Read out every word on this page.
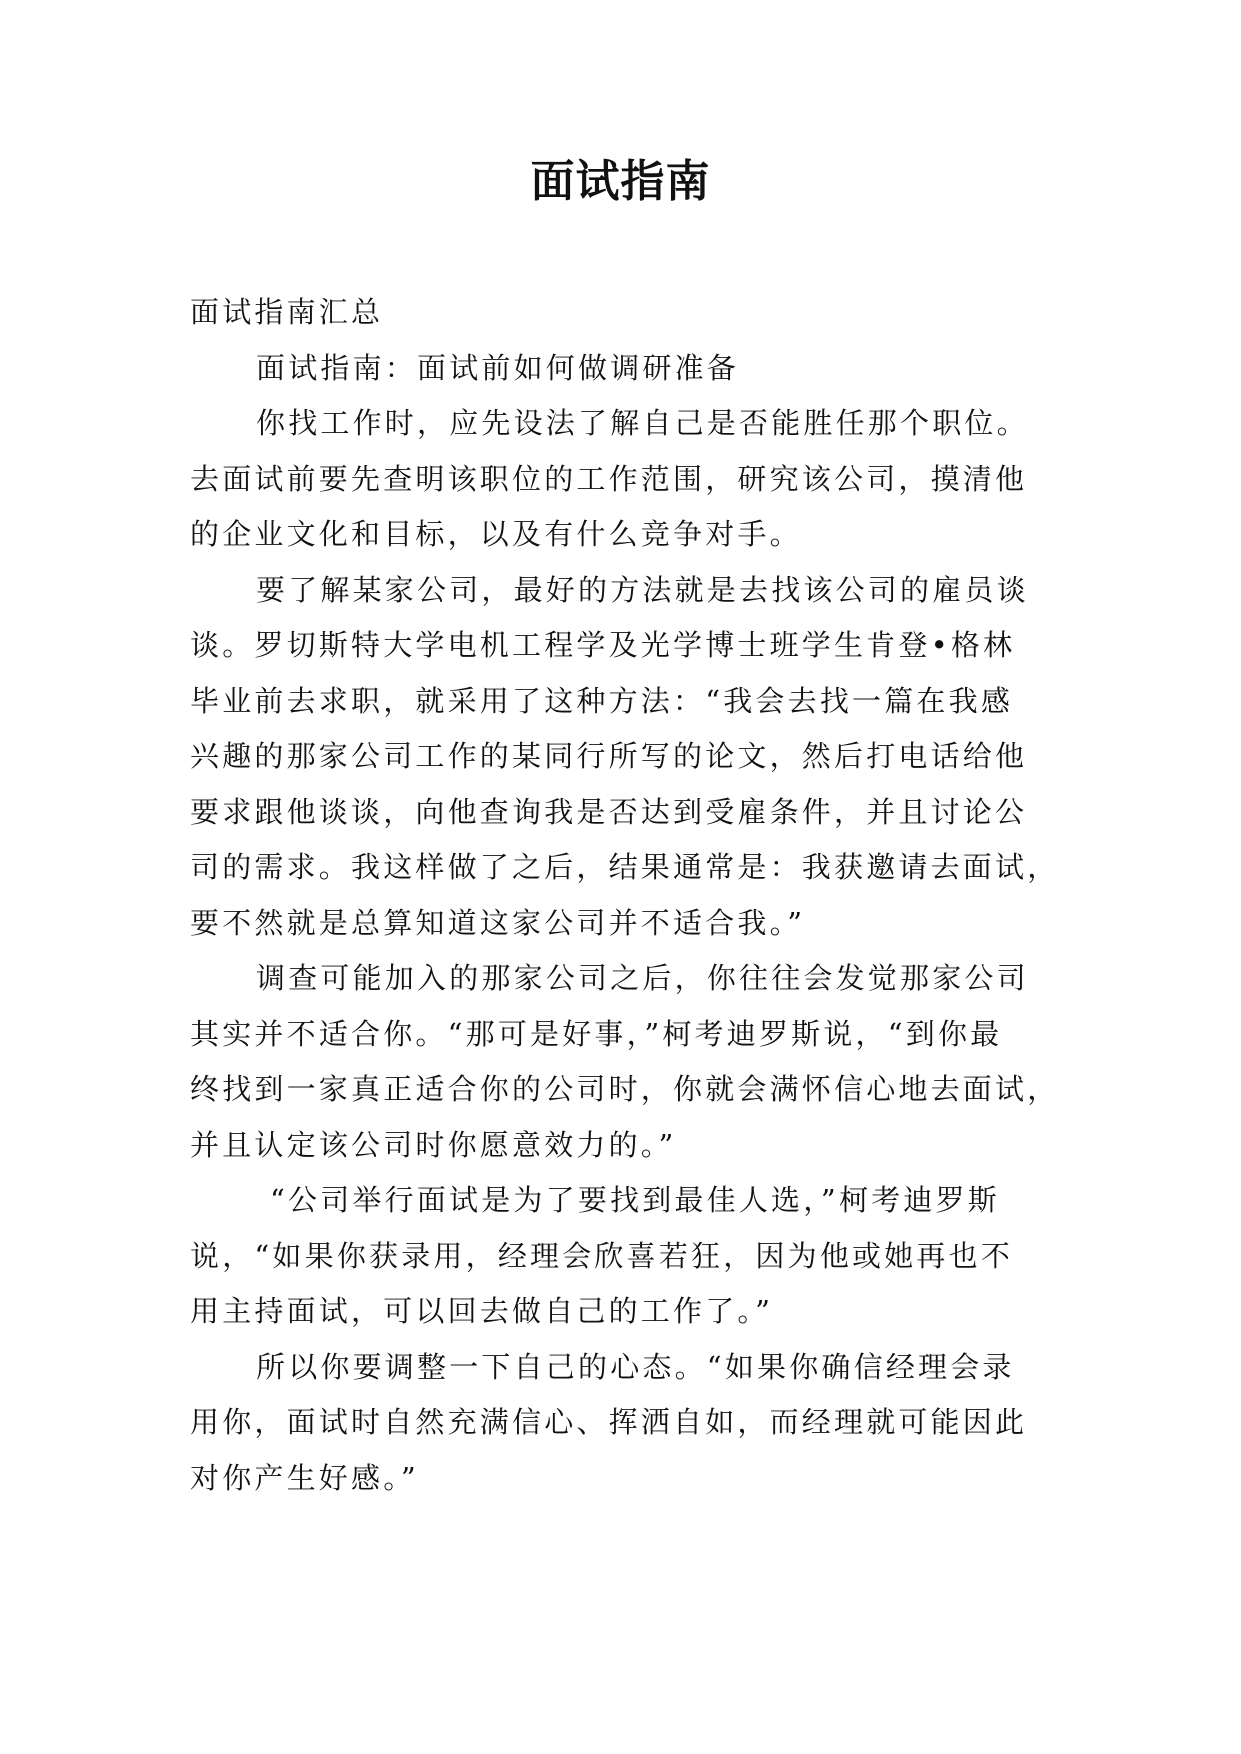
面试指南
面试指南汇总
面试指南：面试前如何做调研准备
你找工作时，应先设法了解自己是否能胜任那个职位。
去面试前要先查明该职位的工作范围，研究该公司，摸清他
的企业文化和目标，以及有什么竞争对手。
要了解某家公司，最好的方法就是去找该公司的雇员谈
谈。罗切斯特大学电机工程学及光学博士班学生肯登•格林
毕业前去求职，就采用了这种方法：“我会去找一篇在我感
兴趣的那家公司工作的某同行所写的论文，然后打电话给他
要求跟他谈谈，向他查询我是否达到受雇条件，并且讨论公
司的需求。我这样做了之后，结果通常是：我获邀请去面试，
要不然就是总算知道这家公司并不适合我。”
调查可能加入的那家公司之后，你往往会发觉那家公司
其实并不适合你。“那可是好事，”柯考迪罗斯说，“到你最
终找到一家真正适合你的公司时，你就会满怀信心地去面试，
并且认定该公司时你愿意效力的。”
“公司举行面试是为了要找到最佳人选，”柯考迪罗斯
说，“如果你获录用，经理会欣喜若狂，因为他或她再也不
用主持面试，可以回去做自己的工作了。”
所以你要调整一下自己的心态。“如果你确信经理会录
用你，面试时自然充满信心、挥洒自如，而经理就可能因此
对你产生好感。”
